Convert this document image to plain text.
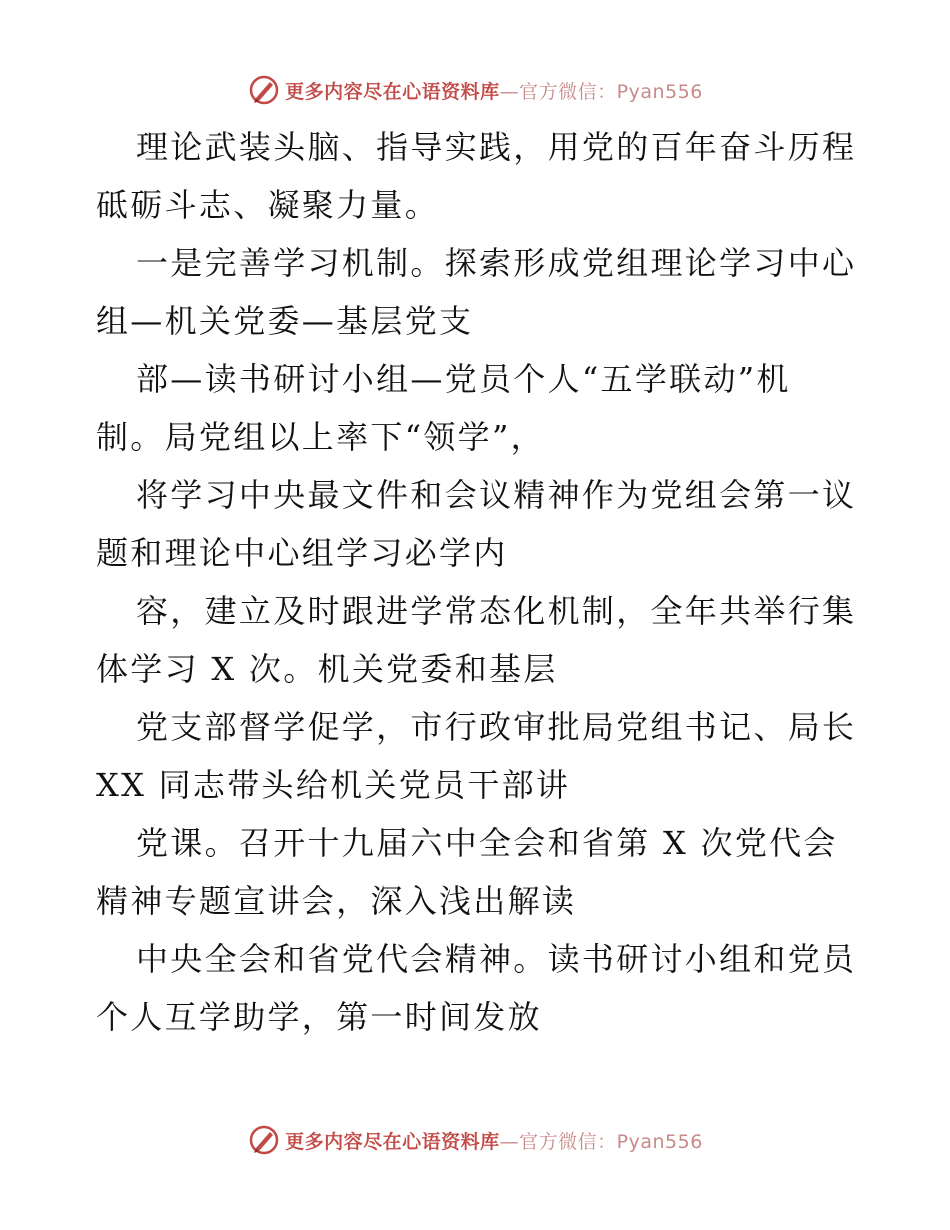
更多内容尽在心语资料库—官方微信：Pyan556
理论武装头脑、指导实践，用党的百年奋斗历程
砥砺斗志、凝聚力量。
一是完善学习机制。探索形成党组理论学习中心
组—机关党委—基层党支
部—读书研讨小组—党员个人“五学联动”机
制。局党组以上率下“领学”，
将学习中央最文件和会议精神作为党组会第一议
题和理论中心组学习必学内
容，建立及时跟进学常态化机制，全年共举行集
体学习 X 次。机关党委和基层
党支部督学促学，市行政审批局党组书记、局长
XX 同志带头给机关党员干部讲
党课。召开十九届六中全会和省第 X 次党代会
精神专题宣讲会，深入浅出解读
中央全会和省党代会精神。读书研讨小组和党员
个人互学助学，第一时间发放
更多内容尽在心语资料库—官方微信：Pyan556
